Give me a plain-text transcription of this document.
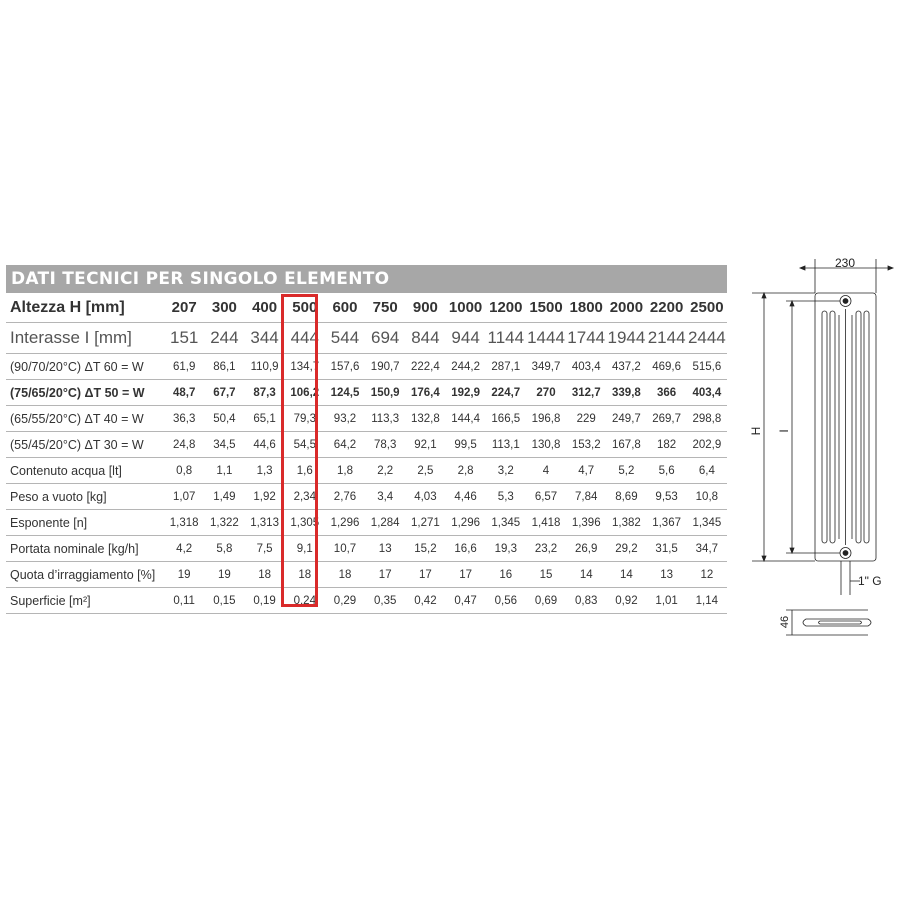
DATI TECNICI PER SINGOLO ELEMENTO
Altezza H [mm]	207	300	400	500	600	750	900	1000	1200	1500	1800	2000	2200	2500
Interasse I [mm]	151	244	344	444	544	694	844	944	1144	1444	1744	1944	2144	2444
(90/70/20°C) ΔT 60 = W	61,9	86,1	110,9	134,7	157,6	190,7	222,4	244,2	287,1	349,7	403,4	437,2	469,6	515,6
(75/65/20°C) ΔT 50 = W	48,7	67,7	87,3	106,2	124,5	150,9	176,4	192,9	224,7	270	312,7	339,8	366	403,4
(65/55/20°C) ΔT 40 = W	36,3	50,4	65,1	79,3	93,2	113,3	132,8	144,4	166,5	196,8	229	249,7	269,7	298,8
(55/45/20°C) ΔT 30 = W	24,8	34,5	44,6	54,5	64,2	78,3	92,1	99,5	113,1	130,8	153,2	167,8	182	202,9
Contenuto acqua [lt]	0,8	1,1	1,3	1,6	1,8	2,2	2,5	2,8	3,2	4	4,7	5,2	5,6	6,4
Peso a vuoto [kg]	1,07	1,49	1,92	2,34	2,76	3,4	4,03	4,46	5,3	6,57	7,84	8,69	9,53	10,8
Esponente [n]	1,318	1,322	1,313	1,305	1,296	1,284	1,271	1,296	1,345	1,418	1,396	1,382	1,367	1,345
Portata nominale [kg/h]	4,2	5,8	7,5	9,1	10,7	13	15,2	16,6	19,3	23,2	26,9	29,2	31,5	34,7
Quota d’irraggiamento [%]	19	19	18	18	18	17	17	17	16	15	14	14	13	12
Superficie [m²]	0,11	0,15	0,19	0,24	0,29	0,35	0,42	0,47	0,56	0,69	0,83	0,92	1,01	1,14
230
H I
1" G
46
